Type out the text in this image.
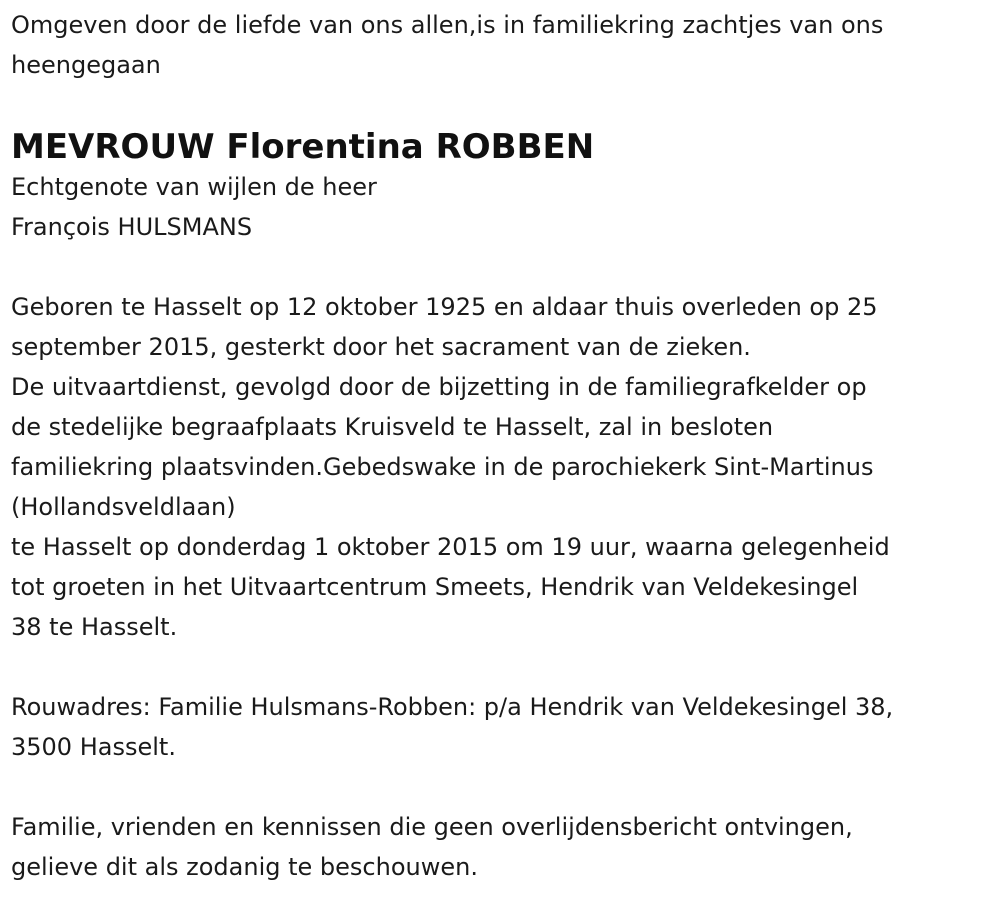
Omgeven door de liefde van ons allen,is in familiekring zachtjes van ons
heengegaan
MEVROUW Florentina ROBBEN
Echtgenote van wijlen de heer
François HULSMANS
Geboren te Hasselt op 12 oktober 1925 en aldaar thuis overleden op 25
september 2015, gesterkt door het sacrament van de zieken.
De uitvaartdienst, gevolgd door de bijzetting in de familiegrafkelder op
de stedelijke begraafplaats Kruisveld te Hasselt, zal in besloten
familiekring plaatsvinden.Gebedswake in de parochiekerk Sint-Martinus
(Hollandsveldlaan)
te Hasselt op donderdag 1 oktober 2015 om 19 uur, waarna gelegenheid
tot groeten in het Uitvaartcentrum Smeets, Hendrik van Veldekesingel
38 te Hasselt.
Rouwadres: Familie Hulsmans-Robben: p/a Hendrik van Veldekesingel 38,
3500 Hasselt.
Familie, vrienden en kennissen die geen overlijdensbericht ontvingen,
gelieve dit als zodanig te beschouwen.
